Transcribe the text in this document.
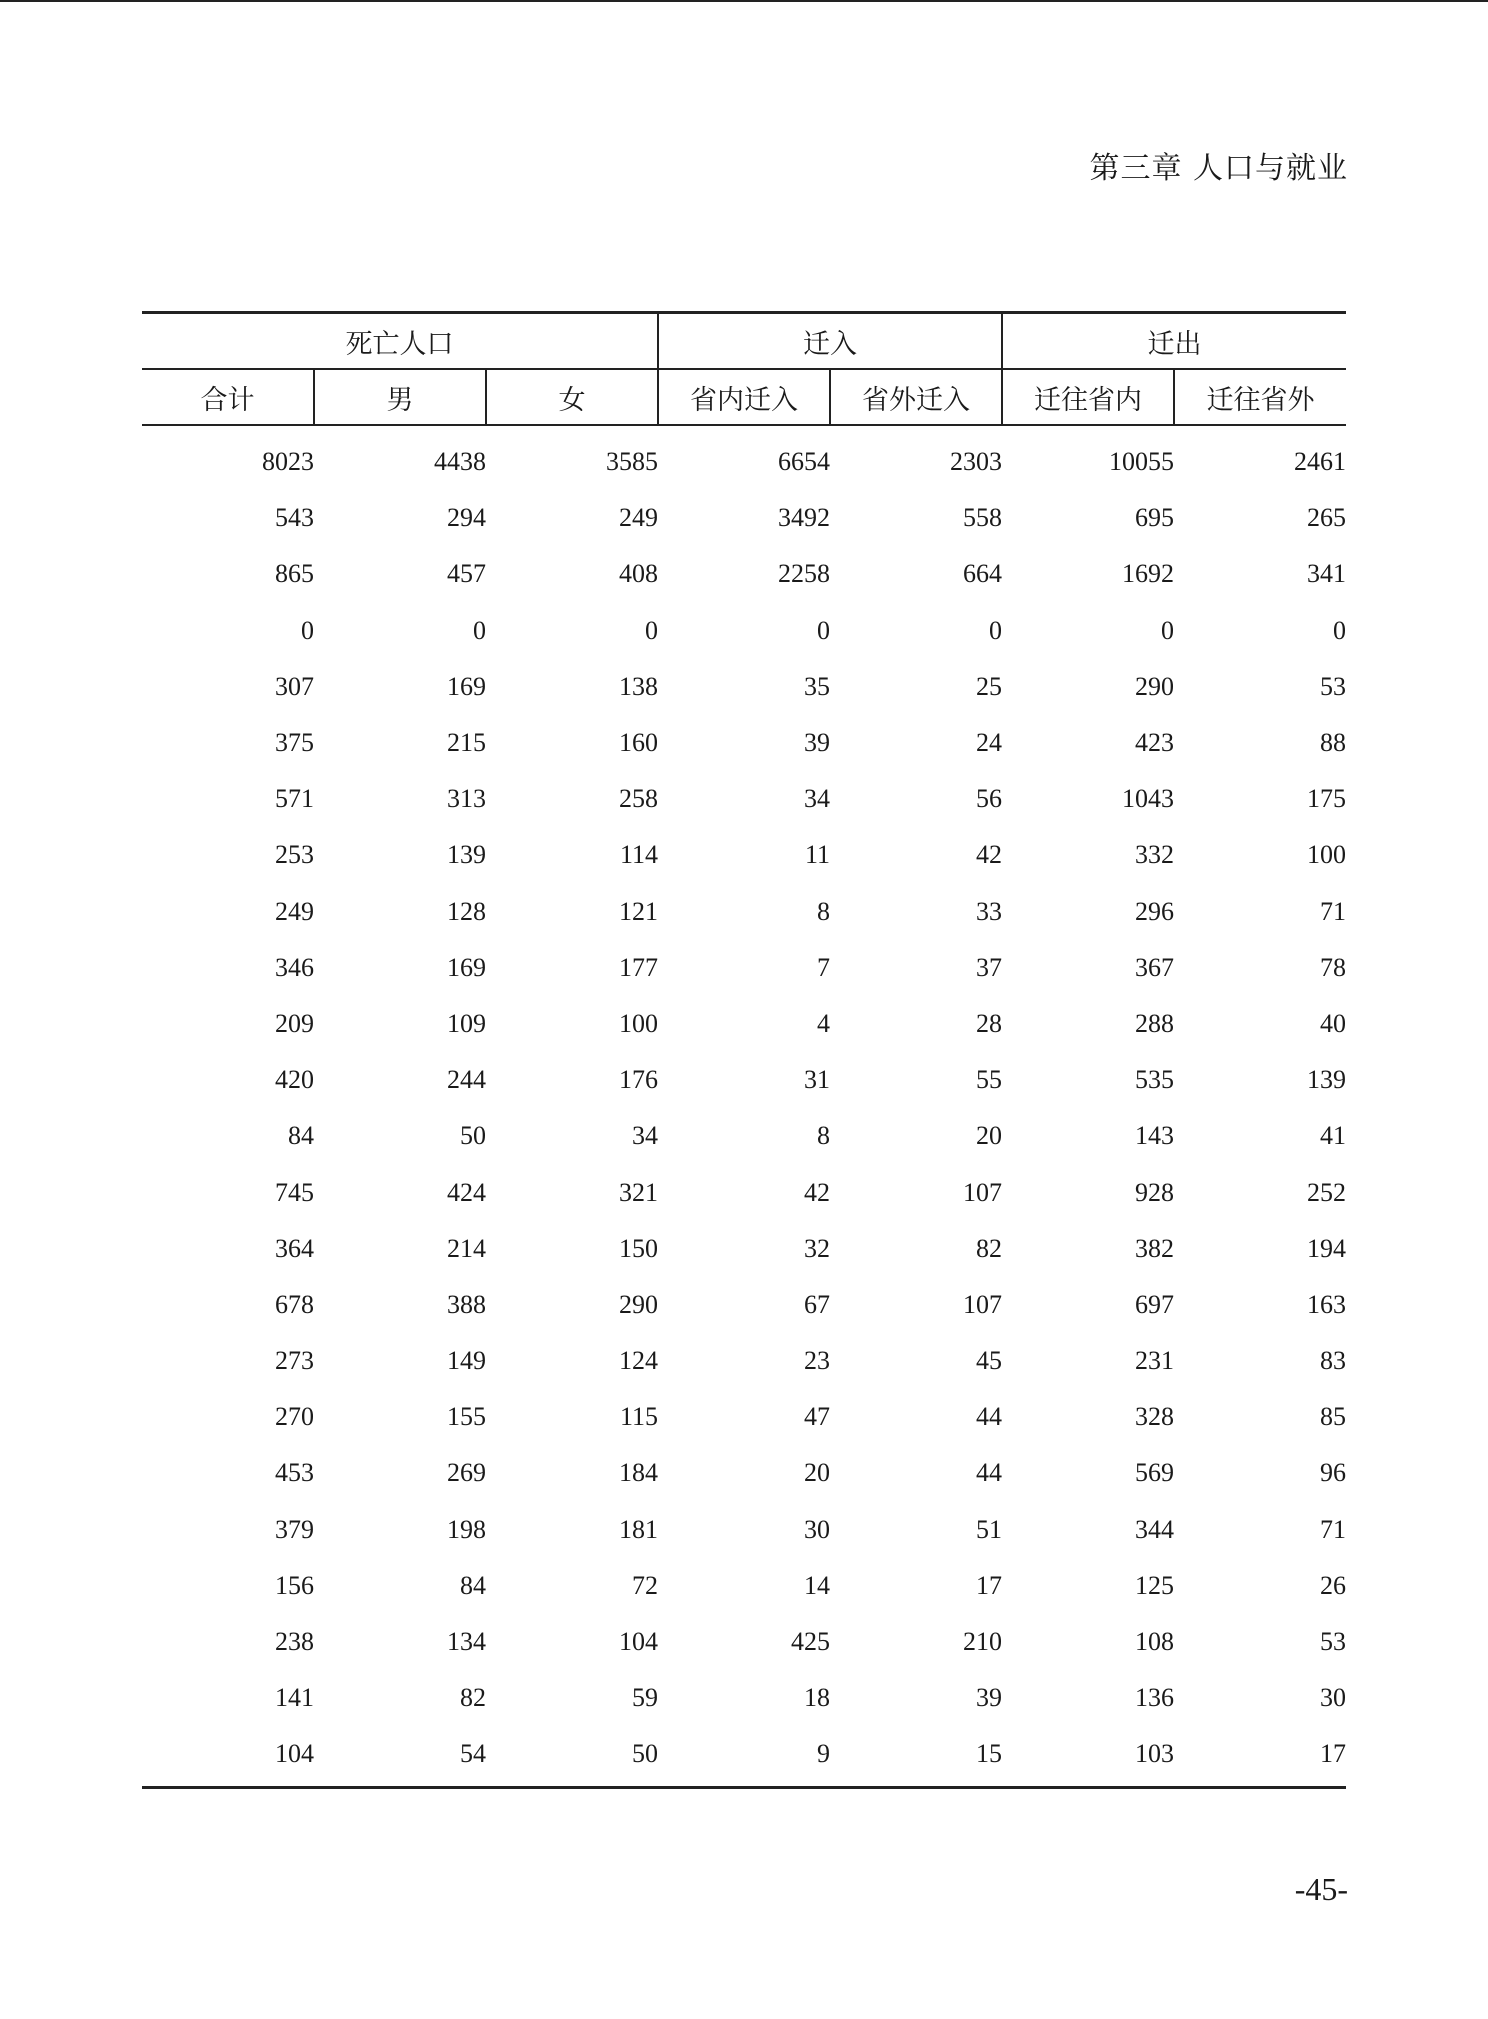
第三章 人口与就业
死亡人口			迁入		迁出	
合计	男	女	省内迁入	省外迁入	迁往省内	迁往省外
8023	4438	3585	6654	2303	10055	2461
543	294	249	3492	558	695	265
865	457	408	2258	664	1692	341
0	0	0	0	0	0	0
307	169	138	35	25	290	53
375	215	160	39	24	423	88
571	313	258	34	56	1043	175
253	139	114	11	42	332	100
249	128	121	8	33	296	71
346	169	177	7	37	367	78
209	109	100	4	28	288	40
420	244	176	31	55	535	139
84	50	34	8	20	143	41
745	424	321	42	107	928	252
364	214	150	32	82	382	194
678	388	290	67	107	697	163
273	149	124	23	45	231	83
270	155	115	47	44	328	85
453	269	184	20	44	569	96
379	198	181	30	51	344	71
156	84	72	14	17	125	26
238	134	104	425	210	108	53
141	82	59	18	39	136	30
104	54	50	9	15	103	17
-45-
